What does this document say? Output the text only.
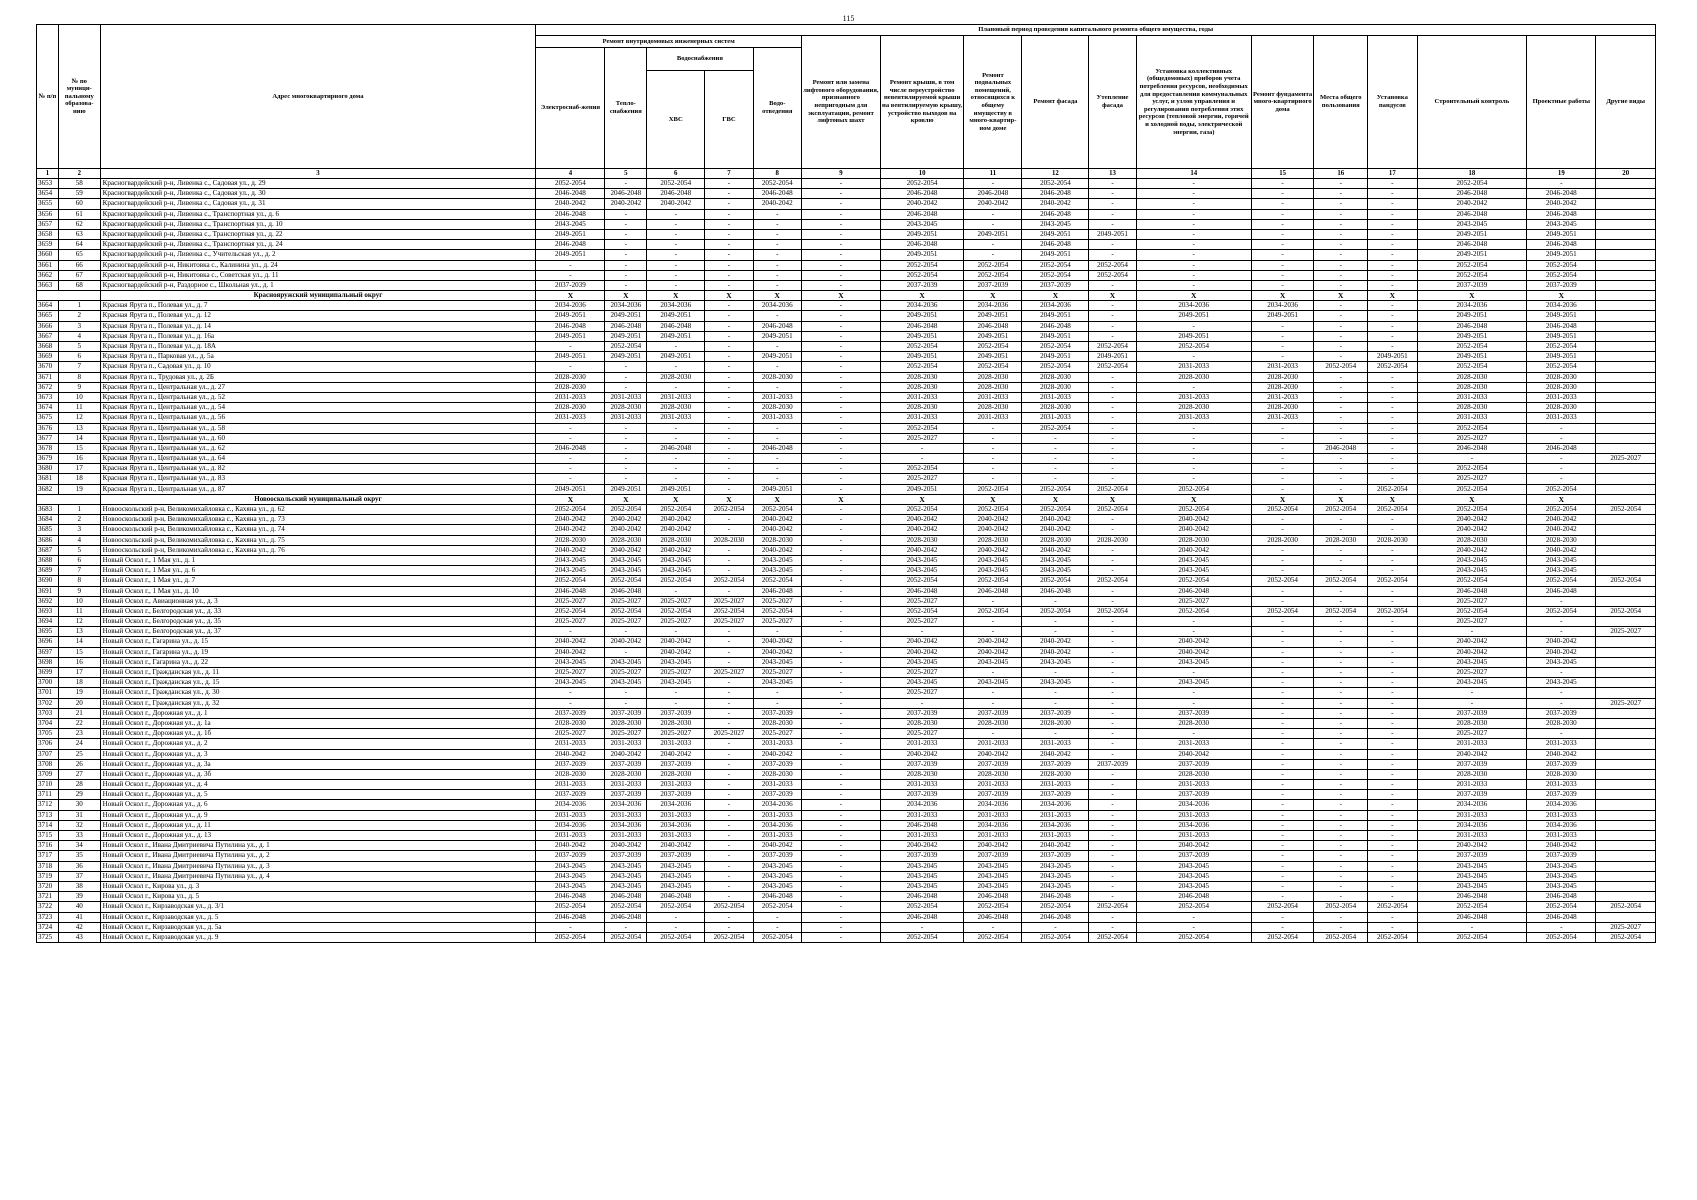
115
№ п/п	№ по муници-пальному образова-нию	Адрес многоквартирного дома	Плановый период проведения капитального ремонта общего имущества, годы																
			Ремонт внутридомовых инженерных систем					Ремонт или замена лифтового оборудования, признанного непригодным для эксплуатации, ремонт лифтовых шахт	Ремонт крыши, в том числе переустройство невентилируемой крыши на вентилируемую крышу, устройство выходов на кровлю	Ремонт подвальных помещений, относящихся к общему имуществу в много-квартир-ном доме	Ремонт фасада	Утепление фасада	Установка коллективных (общедомовых) приборов учета потребления ресурсов, необходимых для предоставления коммунальных услуг, и узлов управления и регулирования потребления этих ресурсов (тепловой энергии, горячей и холодной воды, электрической энергии, газа)	Ремонт фундамента много-квартирного дома	Места общего пользования	Установка пандусов	Строительный контроль	Проектные работы	Другие виды
			Электроснаб-жения	Тепло-снабжения	Водоснабжения		Водо-отведения												
					ХВС	ГВС													
1	2	3	4	5	6	7	8	9	10	11	12	13	14	15	16	17	18	19	20
3653	58	Красногвардейский р-н, Ливенка с., Садовая ул., д. 29	2052-2054	-	2052-2054	-	2052-2054	-	2052-2054	-	2052-2054	-	-	-	-	-	2052-2054	-	
3654	59	Красногвардейский р-н, Ливенка с., Садовая ул., д. 30	2046-2048	2046-2048	2046-2048	-	2046-2048	-	2046-2048	2046-2048	2046-2048	-	-	-	-	-	2046-2048	2046-2048	
3655	60	Красногвардейский р-н, Ливенка с., Садовая ул., д. 31	2040-2042	2040-2042	2040-2042	-	2040-2042	-	2040-2042	2040-2042	2040-2042	-	-	-	-	-	2040-2042	2040-2042	
3656	61	Красногвардейский р-н, Ливенка с., Транспортная ул., д. 6	2046-2048	-	-	-	-	-	2046-2048	-	2046-2048	-	-	-	-	-	2046-2048	2046-2048	
3657	62	Красногвардейский р-н, Ливенка с., Транспортная ул., д. 10	2043-2045	-	-	-	-	-	2043-2045	-	2043-2045	-	-	-	-	-	2043-2045	2043-2045	
3658	63	Красногвардейский р-н, Ливенка с., Транспортная ул., д. 22	2049-2051	-	-	-	-	-	2049-2051	2049-2051	2049-2051	2049-2051	-	-	-	-	2049-2051	2049-2051	
3659	64	Красногвардейский р-н, Ливенка с., Транспортная ул., д. 24	2046-2048	-	-	-	-	-	2046-2048	-	2046-2048	-	-	-	-	-	2046-2048	2046-2048	
3660	65	Красногвардейский р-н, Ливенка с., Учительская ул., д. 2	2049-2051	-	-	-	-	-	2049-2051	-	2049-2051	-	-	-	-	-	2049-2051	2049-2051	
3661	66	Красногвардейский р-н, Никитовка с., Калинина ул., д. 24	-	-	-	-	-	-	2052-2054	2052-2054	2052-2054	2052-2054	-	-	-	-	2052-2054	2052-2054	
3662	67	Красногвардейский р-н, Никитовка с., Советская ул., д. 11	-	-	-	-	-	-	2052-2054	2052-2054	2052-2054	2052-2054	-	-	-	-	2052-2054	2052-2054	
3663	68	Красногвардейский р-н, Раздорное с., Школьная ул., д. 1	2037-2039	-	-	-	-	-	2037-2039	2037-2039	2037-2039	-	-	-	-	-	2037-2039	2037-2039	
		Краснояружский муниципальный округ	X	X	X	X	X	X	X	X	X	X	X	X	X	X	X	X	
3664	1	Красная Яруга п., Полевая ул., д. 7	2034-2036	2034-2036	2034-2036	-	2034-2036	-	2034-2036	2034-2036	2034-2036	-	2034-2036	2034-2036	-	-	2034-2036	2034-2036	
3665	2	Красная Яруга п., Полевая ул., д. 12	2049-2051	2049-2051	2049-2051	-	-	-	2049-2051	2049-2051	2049-2051	-	2049-2051	2049-2051	-	-	2049-2051	2049-2051	
3666	3	Красная Яруга п., Полевая ул., д. 14	2046-2048	2046-2048	2046-2048	-	2046-2048	-	2046-2048	2046-2048	2046-2048	-	-	-	-	-	2046-2048	2046-2048	
3667	4	Красная Яруга п., Полевая ул., д. 16а	2049-2051	2049-2051	2049-2051	-	2049-2051	-	2049-2051	2049-2051	2049-2051	-	2049-2051	-	-	-	2049-2051	2049-2051	
3668	5	Красная Яруга п., Полевая ул., д. 18А	-	2052-2054	-	-	-	-	2052-2054	2052-2054	2052-2054	2052-2054	2052-2054	-	-	-	2052-2054	2052-2054	
3669	6	Красная Яруга п., Парковая ул., д. 5а	2049-2051	2049-2051	2049-2051	-	2049-2051	-	2049-2051	2049-2051	2049-2051	2049-2051	-	-	-	2049-2051	2049-2051	2049-2051	
3670	7	Красная Яруга п., Садовая ул., д. 10	-	-	-	-	-	-	2052-2054	2052-2054	2052-2054	2052-2054	2031-2033	2031-2033	2052-2054	2052-2054	2052-2054	2052-2054	
3671	8	Красная Яруга п., Трудовая ул., д. 2Б	2028-2030	-	2028-2030	-	2028-2030	-	2028-2030	2028-2030	2028-2030	-	2028-2030	2028-2030	-	-	2028-2030	2028-2030	
3672	9	Красная Яруга п., Центральная ул., д. 27	2028-2030	-	-	-	-	-	2028-2030	2028-2030	2028-2030	-	-	2028-2030	-	-	2028-2030	2028-2030	
3673	10	Красная Яруга п., Центральная ул., д. 52	2031-2033	2031-2033	2031-2033	-	2031-2033	-	2031-2033	2031-2033	2031-2033	-	2031-2033	2031-2033	-	-	2031-2033	2031-2033	
3674	11	Красная Яруга п., Центральная ул., д. 54	2028-2030	2028-2030	2028-2030	-	2028-2030	-	2028-2030	2028-2030	2028-2030	-	2028-2030	2028-2030	-	-	2028-2030	2028-2030	
3675	12	Красная Яруга п., Центральная ул., д. 56	2031-2033	2031-2033	2031-2033	-	2031-2033	-	2031-2033	2031-2033	2031-2033	-	2031-2033	2031-2033	-	-	2031-2033	2031-2033	
3676	13	Красная Яруга п., Центральная ул., д. 58	-	-	-	-	-	-	2052-2054	-	2052-2054	-	-	-	-	-	2052-2054	-	
3677	14	Красная Яруга п., Центральная ул., д. 60	-	-	-	-	-	-	2025-2027	-	-	-	-	-	-	-	2025-2027	-	
3678	15	Красная Яруга п., Центральная ул., д. 62	2046-2048	-	2046-2048	-	2046-2048	-	-	-	-	-	-	-	2046-2048	-	2046-2048	2046-2048	
3679	16	Красная Яруга п., Центральная ул., д. 64	-	-	-	-	-	-	-	-	-	-	-	-	-	-	-	-	2025-2027
3680	17	Красная Яруга п., Центральная ул., д. 82	-	-	-	-	-	-	2052-2054	-	-	-	-	-	-	-	2052-2054	-	
3681	18	Красная Яруга п., Центральная ул., д. 83	-	-	-	-	-	-	2025-2027	-	-	-	-	-	-	-	2025-2027	-	
3682	19	Красная Яруга п., Центральная ул., д. 87	2049-2051	2049-2051	2049-2051	-	2049-2051	-	2049-2051	2052-2054	2052-2054	2052-2054	2052-2054	-	-	2052-2054	2052-2054	2052-2054	
		Новооскольский муниципальный округ	X	X	X	X	X	X	X	X	X	X	X	X	X	X	X	X	
3683	1	Новооскольский р-н, Великомихайловка с., Кахяна ул., д. 62	2052-2054	2052-2054	2052-2054	2052-2054	2052-2054	-	2052-2054	2052-2054	2052-2054	2052-2054	2052-2054	2052-2054	2052-2054	2052-2054	2052-2054	2052-2054	2052-2054
3684	2	Новооскольский р-н, Великомихайловка с., Кахяна ул., д. 73	2040-2042	2040-2042	2040-2042	-	2040-2042	-	2040-2042	2040-2042	2040-2042	-	2040-2042	-	-	-	2040-2042	2040-2042	
3685	3	Новооскольский р-н, Великомихайловка с., Кахяна ул., д. 74	2040-2042	2040-2042	2040-2042	-	2040-2042	-	2040-2042	2040-2042	2040-2042	-	2040-2042	-	-	-	2040-2042	2040-2042	
3686	4	Новооскольский р-н, Великомихайловка с., Кахяна ул., д. 75	2028-2030	2028-2030	2028-2030	2028-2030	2028-2030	-	2028-2030	2028-2030	2028-2030	2028-2030	2028-2030	2028-2030	2028-2030	2028-2030	2028-2030	2028-2030	
3687	5	Новооскольский р-н, Великомихайловка с., Кахяна ул., д. 76	2040-2042	2040-2042	2040-2042	-	2040-2042	-	2040-2042	2040-2042	2040-2042	-	2040-2042	-	-	-	2040-2042	2040-2042	
3688	6	Новый Оскол г., 1 Мая ул., д. 1	2043-2045	2043-2045	2043-2045	-	2043-2045	-	2043-2045	2043-2045	2043-2045	-	2043-2045	-	-	-	2043-2045	2043-2045	
3689	7	Новый Оскол г., 1 Мая ул., д. 6	2043-2045	2043-2045	2043-2045	-	2043-2045	-	2043-2045	2043-2045	2043-2045	-	2043-2045	-	-	-	2043-2045	2043-2045	
3690	8	Новый Оскол г., 1 Мая ул., д. 7	2052-2054	2052-2054	2052-2054	2052-2054	2052-2054	-	2052-2054	2052-2054	2052-2054	2052-2054	2052-2054	2052-2054	2052-2054	2052-2054	2052-2054	2052-2054	2052-2054
3691	9	Новый Оскол г., 1 Мая ул., д. 10	2046-2048	2046-2048	-	-	2046-2048	-	2046-2048	2046-2048	2046-2048	-	2046-2048	-	-	-	2046-2048	2046-2048	
3692	10	Новый Оскол г., Авиационная ул., д. 3	2025-2027	2025-2027	2025-2027	2025-2027	2025-2027	-	2025-2027	-	-	-	2025-2027	-	-	-	2025-2027	-	
3693	11	Новый Оскол г., Белгородская ул., д. 33	2052-2054	2052-2054	2052-2054	2052-2054	2052-2054	-	2052-2054	2052-2054	2052-2054	2052-2054	2052-2054	2052-2054	2052-2054	2052-2054	2052-2054	2052-2054	2052-2054
3694	12	Новый Оскол г., Белгородская ул., д. 35	2025-2027	2025-2027	2025-2027	2025-2027	2025-2027	-	2025-2027	-	-	-	-	-	-	-	2025-2027	-	
3695	13	Новый Оскол г., Белгородская ул., д. 37	-	-	-	-	-	-	-	-	-	-	-	-	-	-	-	-	2025-2027
3696	14	Новый Оскол г., Гагарина ул., д. 15	2040-2042	2040-2042	2040-2042	-	2040-2042	-	2040-2042	2040-2042	2040-2042	-	2040-2042	-	-	-	2040-2042	2040-2042	
3697	15	Новый Оскол г., Гагарина ул., д. 19	2040-2042	-	2040-2042	-	2040-2042	-	2040-2042	2040-2042	2040-2042	-	2040-2042	-	-	-	2040-2042	2040-2042	
3698	16	Новый Оскол г., Гагарина ул., д. 22	2043-2045	2043-2045	2043-2045	-	2043-2045	-	2043-2045	2043-2045	2043-2045	-	2043-2045	-	-	-	2043-2045	2043-2045	
3699	17	Новый Оскол г., Гражданская ул., д. 11	2025-2027	2025-2027	2025-2027	2025-2027	2025-2027	-	2025-2027	-	-	-	-	-	-	-	2025-2027	-	
3700	18	Новый Оскол г., Гражданская ул., д. 15	2043-2045	2043-2045	2043-2045	-	2043-2045	-	2043-2045	2043-2045	2043-2045	-	2043-2045	-	-	-	2043-2045	2043-2045	
3701	19	Новый Оскол г., Гражданская ул., д. 30	-	-	-	-	-	-	2025-2027	-	-	-	-	-	-	-	-	-	
3702	20	Новый Оскол г., Гражданская ул., д. 32	-	-	-	-	-	-	-	-	-	-	-	-	-	-	-	-	2025-2027
3703	21	Новый Оскол г., Дорожная ул., д. 1	2037-2039	2037-2039	2037-2039	-	2037-2039	-	2037-2039	2037-2039	2037-2039	-	2037-2039	-	-	-	2037-2039	2037-2039	
3704	22	Новый Оскол г., Дорожная ул., д. 1а	2028-2030	2028-2030	2028-2030	-	2028-2030	-	2028-2030	2028-2030	2028-2030	-	2028-2030	-	-	-	2028-2030	2028-2030	
3705	23	Новый Оскол г., Дорожная ул., д. 1б	2025-2027	2025-2027	2025-2027	2025-2027	2025-2027	-	2025-2027	-	-	-	-	-	-	-	2025-2027	-	
3706	24	Новый Оскол г., Дорожная ул., д. 2	2031-2033	2031-2033	2031-2033	-	2031-2033	-	2031-2033	2031-2033	2031-2033	-	2031-2033	-	-	-	2031-2033	2031-2033	
3707	25	Новый Оскол г., Дорожная ул., д. 3	2040-2042	2040-2042	2040-2042	-	2040-2042	-	2040-2042	2040-2042	2040-2042	-	2040-2042	-	-	-	2040-2042	2040-2042	
3708	26	Новый Оскол г., Дорожная ул., д. 3а	2037-2039	2037-2039	2037-2039	-	2037-2039	-	2037-2039	2037-2039	2037-2039	2037-2039	2037-2039	-	-	-	2037-2039	2037-2039	
3709	27	Новый Оскол г., Дорожная ул., д. 3б	2028-2030	2028-2030	2028-2030	-	2028-2030	-	2028-2030	2028-2030	2028-2030	-	2028-2030	-	-	-	2028-2030	2028-2030	
3710	28	Новый Оскол г., Дорожная ул., д. 4	2031-2033	2031-2033	2031-2033	-	2031-2033	-	2031-2033	2031-2033	2031-2033	-	2031-2033	-	-	-	2031-2033	2031-2033	
3711	29	Новый Оскол г., Дорожная ул., д. 5	2037-2039	2037-2039	2037-2039	-	2037-2039	-	2037-2039	2037-2039	2037-2039	-	2037-2039	-	-	-	2037-2039	2037-2039	
3712	30	Новый Оскол г., Дорожная ул., д. 6	2034-2036	2034-2036	2034-2036	-	2034-2036	-	2034-2036	2034-2036	2034-2036	-	2034-2036	-	-	-	2034-2036	2034-2036	
3713	31	Новый Оскол г., Дорожная ул., д. 9	2031-2033	2031-2033	2031-2033	-	2031-2033	-	2031-2033	2031-2033	2031-2033	-	2031-2033	-	-	-	2031-2033	2031-2033	
3714	32	Новый Оскол г., Дорожная ул., д. 11	2034-2036	2034-2036	2034-2036	-	2034-2036	-	2046-2048	2034-2036	2034-2036	-	2034-2036	-	-	-	2034-2036	2034-2036	
3715	33	Новый Оскол г., Дорожная ул., д. 13	2031-2033	2031-2033	2031-2033	-	2031-2033	-	2031-2033	2031-2033	2031-2033	-	2031-2033	-	-	-	2031-2033	2031-2033	
3716	34	Новый Оскол г., Ивана Дмитриевича Путилина ул., д. 1	2040-2042	2040-2042	2040-2042	-	2040-2042	-	2040-2042	2040-2042	2040-2042	-	2040-2042	-	-	-	2040-2042	2040-2042	
3717	35	Новый Оскол г., Ивана Дмитриевича Путилина ул., д. 2	2037-2039	2037-2039	2037-2039	-	2037-2039	-	2037-2039	2037-2039	2037-2039	-	2037-2039	-	-	-	2037-2039	2037-2039	
3718	36	Новый Оскол г., Ивана Дмитриевича Путилина ул., д. 3	2043-2045	2043-2045	2043-2045	-	2043-2045	-	2043-2045	2043-2045	2043-2045	-	2043-2045	-	-	-	2043-2045	2043-2045	
3719	37	Новый Оскол г., Ивана Дмитриевича Путилина ул., д. 4	2043-2045	2043-2045	2043-2045	-	2043-2045	-	2043-2045	2043-2045	2043-2045	-	2043-2045	-	-	-	2043-2045	2043-2045	
3720	38	Новый Оскол г., Кирова ул., д. 3	2043-2045	2043-2045	2043-2045	-	2043-2045	-	2043-2045	2043-2045	2043-2045	-	2043-2045	-	-	-	2043-2045	2043-2045	
3721	39	Новый Оскол г., Кирова ул., д. 5	2046-2048	2046-2048	2046-2048	-	2046-2048	-	2046-2048	2046-2048	2046-2048	-	2046-2048	-	-	-	2046-2048	2046-2048	
3722	40	Новый Оскол г., Кирзаводская ул., д. 3/1	2052-2054	2052-2054	2052-2054	2052-2054	2052-2054	-	2052-2054	2052-2054	2052-2054	2052-2054	2052-2054	2052-2054	2052-2054	2052-2054	2052-2054	2052-2054	2052-2054
3723	41	Новый Оскол г., Кирзаводская ул., д. 5	2046-2048	2046-2048	-	-	-	-	2046-2048	2046-2048	2046-2048	-	-	-	-	-	2046-2048	2046-2048	
3724	42	Новый Оскол г., Кирзаводская ул., д. 5а	-	-	-	-	-	-	-	-	-	-	-	-	-	-	-	-	2025-2027
3725	43	Новый Оскол г., Кирзаводская ул., д. 9	2052-2054	2052-2054	2052-2054	2052-2054	2052-2054	-	2052-2054	2052-2054	2052-2054	2052-2054	2052-2054	2052-2054	2052-2054	2052-2054	2052-2054	2052-2054	2052-2054
